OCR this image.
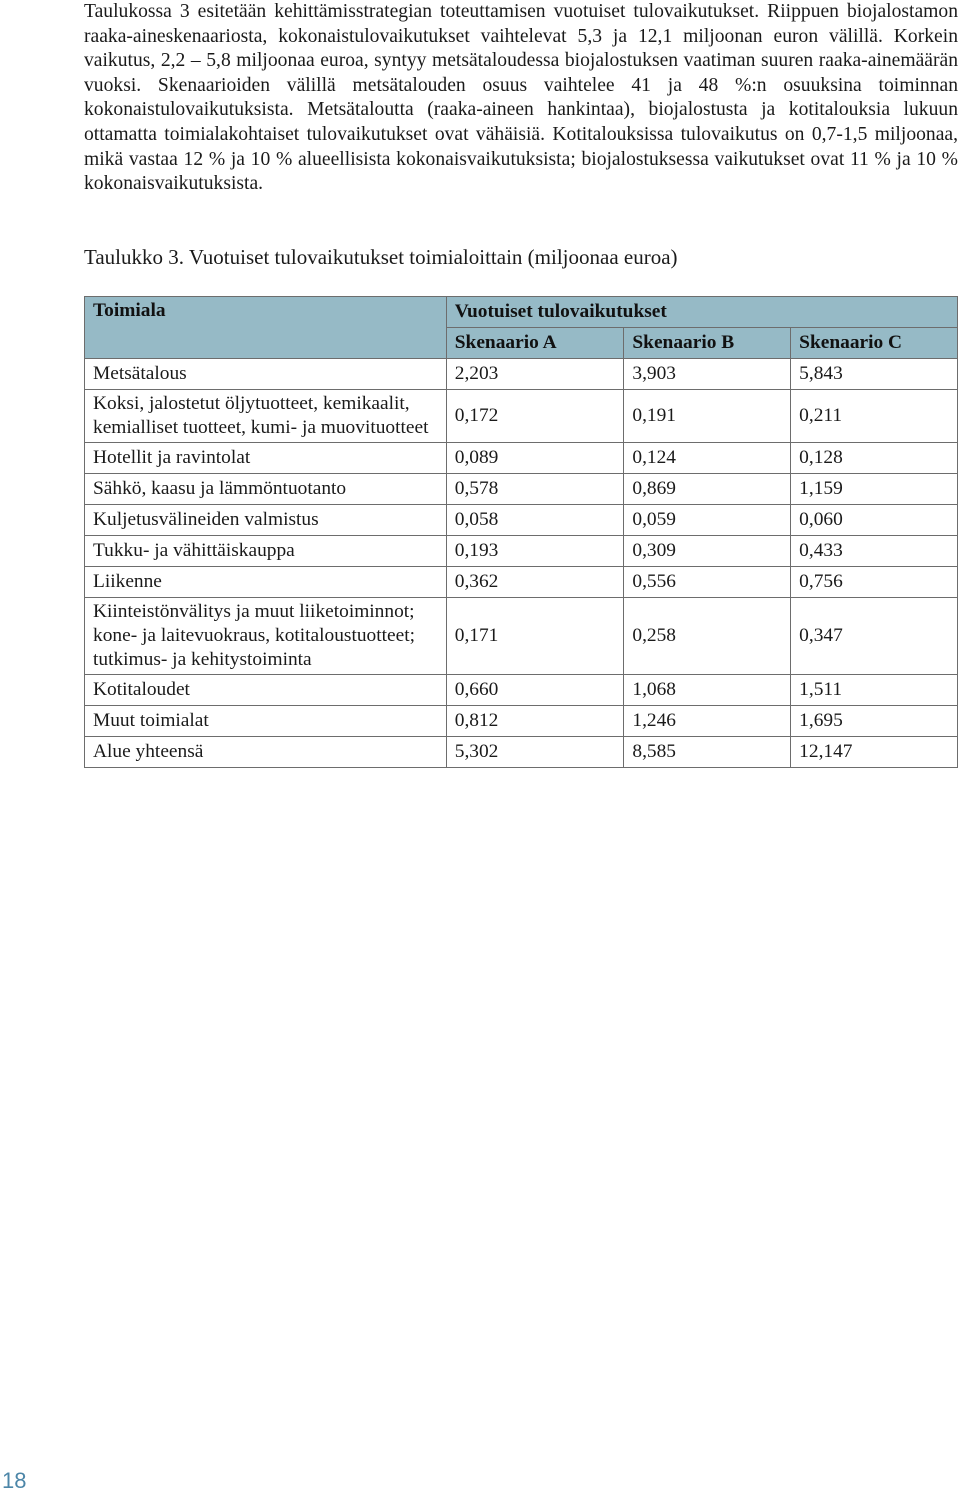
Taulukossa 3 esitetään kehittämisstrategian toteuttamisen vuotuiset tulovaikutukset. Riippuen biojalostamon raaka-aineskenaariosta, kokonaistulovaikutukset vaihtelevat 5,3 ja 12,1 miljoonan euron välillä. Korkein vaikutus, 2,2 – 5,8 miljoonaa euroa, syntyy metsätaloudessa biojalostuksen vaatiman suuren raaka-ainemäärän vuoksi. Skenaarioiden välillä metsätalouden osuus vaihtelee 41 ja 48 %:n osuuksina toiminnan kokonaistulovaikutuksista. Metsätaloutta (raaka-aineen hankintaa), biojalostusta ja kotitalouksia lukuun ottamatta toimialakohtaiset tulovaikutukset ovat vähäisiä. Kotitalouksissa tulovaikutus on 0,7-1,5 miljoonaa, mikä vastaa 12 % ja 10 % alueellisista kokonaisvaikutuksista; biojalostuksessa vaikutukset ovat 11 % ja 10 % kokonaisvaikutuksista.

Taulukko 3. Vuotuiset tulovaikutukset toimialoittain (miljoonaa euroa)

Toimiala	Vuotuiset tulovaikutukset		
	Skenaario A	Skenaario B	Skenaario C
Metsätalous	2,203	3,903	5,843
Koksi, jalostetut öljytuotteet, kemikaalit, kemialliset tuotteet, kumi- ja muovituotteet	0,172	0,191	0,211
Hotellit ja ravintolat	0,089	0,124	0,128
Sähkö, kaasu ja lämmöntuotanto	0,578	0,869	1,159
Kuljetusvälineiden valmistus	0,058	0,059	0,060
Tukku- ja vähittäiskauppa	0,193	0,309	0,433
Liikenne	0,362	0,556	0,756
Kiinteistönvälitys ja muut liiketoiminnot; kone- ja laitevuokraus, kotitaloustuotteet; tutkimus- ja kehitystoiminta	0,171	0,258	0,347
Kotitaloudet	0,660	1,068	1,511
Muut toimialat	0,812	1,246	1,695
Alue yhteensä	5,302	8,585	12,147
18
